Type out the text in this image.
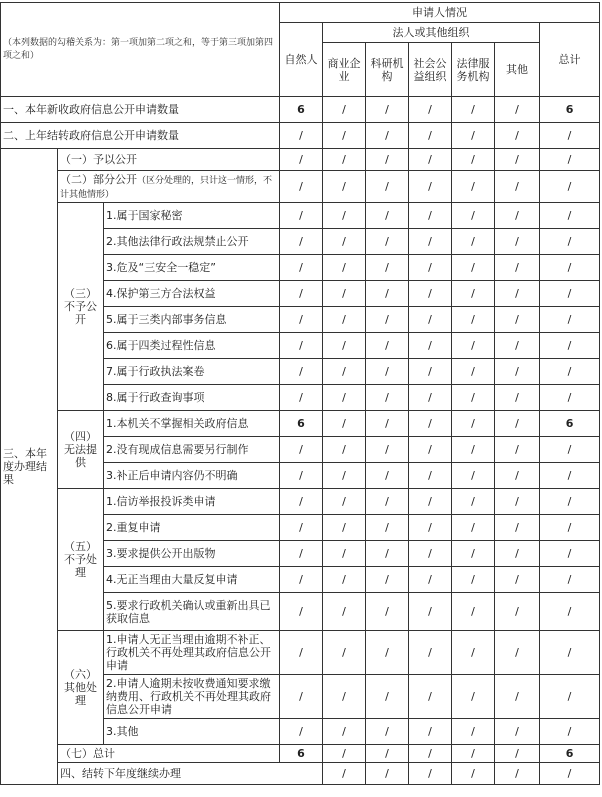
（本列数据的勾稽关系为：第一项加第二项之和，等于第三项加第四项之和）			申请人情况							
			自然人	法人或其他组织					总计	
				商业企业	科研机构	社会公益组织	法律服务机构	其他		
一、本年新收政府信息公开申请数量			6	/	/	/	/	/	6	
二、上年结转政府信息公开申请数量			/	/	/	/	/	/	/	
三、本年度办理结果	（一）予以公开		/	/	/	/	/	/	/	
	（二）部分公开（区分处理的，只计这一情形，不计其他情形）		/	/	/	/	/	/	/	
	（三）不予公开	1.属于国家秘密	/	/	/	/	/	/	/	
		2.其他法律行政法规禁止公开	/	/	/	/	/	/	/	
		3.危及“三安全一稳定”	/	/	/	/	/	/	/	
		4.保护第三方合法权益	/	/	/	/	/	/	/	
		5.属于三类内部事务信息	/	/	/	/	/	/	/	
		6.属于四类过程性信息	/	/	/	/	/	/	/	
		7.属于行政执法案卷	/	/	/	/	/	/	/	
		8.属于行政查询事项	/	/	/	/	/	/	/	
	（四）无法提供	1.本机关不掌握相关政府信息	6	/	/	/	/	/	6	
		2.没有现成信息需要另行制作	/	/	/	/	/	/	/	
		3.补正后申请内容仍不明确	/	/	/	/	/	/	/	
	（五）不予处理	1.信访举报投诉类申请	/	/	/	/	/	/	/	
		2.重复申请	/	/	/	/	/	/	/	
		3.要求提供公开出版物	/	/	/	/	/	/	/	
		4.无正当理由大量反复申请	/	/	/	/	/	/	/	
		5.要求行政机关确认或重新出具已获取信息	/	/	/	/	/	/	/	
	（六）其他处理	1.申请人无正当理由逾期不补正、行政机关不再处理其政府信息公开申请	/	/	/	/	/	/	/	
		2.申请人逾期未按收费通知要求缴纳费用、行政机关不再处理其政府信息公开申请	/	/	/	/	/	/	/	
		3.其他	/	/	/	/	/	/	/	
	（七）总计		6	/	/	/	/	/	6	
	四、结转下年度继续办理			/	/	/	/	/	/	
